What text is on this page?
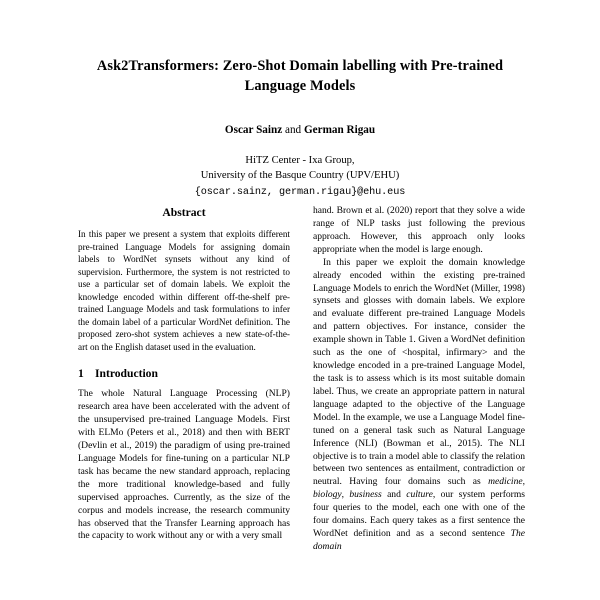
Ask2Transformers: Zero-Shot Domain labelling with Pre-trained Language Models
Oscar Sainz and German Rigau
HiTZ Center - Ixa Group,
University of the Basque Country (UPV/EHU)
{oscar.sainz, german.rigau}@ehu.eus
Abstract

In this paper we present a system that exploits different pre-trained Language Models for assigning domain labels to WordNet synsets without any kind of supervision. Furthermore, the system is not restricted to use a particular set of domain labels. We exploit the knowledge encoded within different off-the-shelf pre-trained Language Models and task formulations to infer the domain label of a particular WordNet definition. The proposed zero-shot system achieves a new state-of-the-art on the English dataset used in the evaluation.

1 Introduction

The whole Natural Language Processing (NLP) research area have been accelerated with the advent of the unsupervised pre-trained Language Models. First with ELMo (Peters et al., 2018) and then with BERT (Devlin et al., 2019) the paradigm of using pre-trained Language Models for fine-tuning on a particular NLP task has became the new standard approach, replacing the more traditional knowledge-based and fully supervised approaches. Currently, as the size of the corpus and models increase, the research community has observed that the Transfer Learning approach has the capacity to work without any or with a very small

hand. Brown et al. (2020) report that they solve a wide range of NLP tasks just following the previous approach. However, this approach only looks appropriate when the model is large enough.

In this paper we exploit the domain knowledge already encoded within the existing pre-trained Language Models to enrich the WordNet (Miller, 1998) synsets and glosses with domain labels. We explore and evaluate different pre-trained Language Models and pattern objectives. For instance, consider the example shown in Table 1. Given a WordNet definition such as the one of <hospital, infirmary> and the knowledge encoded in a pre-trained Language Model, the task is to assess which is its most suitable domain label. Thus, we create an appropriate pattern in natural language adapted to the objective of the Language Model. In the example, we use a Language Model fine-tuned on a general task such as Natural Language Inference (NLI) (Bowman et al., 2015). The NLI objective is to train a model able to classify the relation between two sentences as entailment, contradiction or neutral. Having four domains such as medicine, biology, business and culture, our system performs four queries to the model, each one with one of the four domains. Each query takes as a first sentence the WordNet definition and as a second sentence The domain
